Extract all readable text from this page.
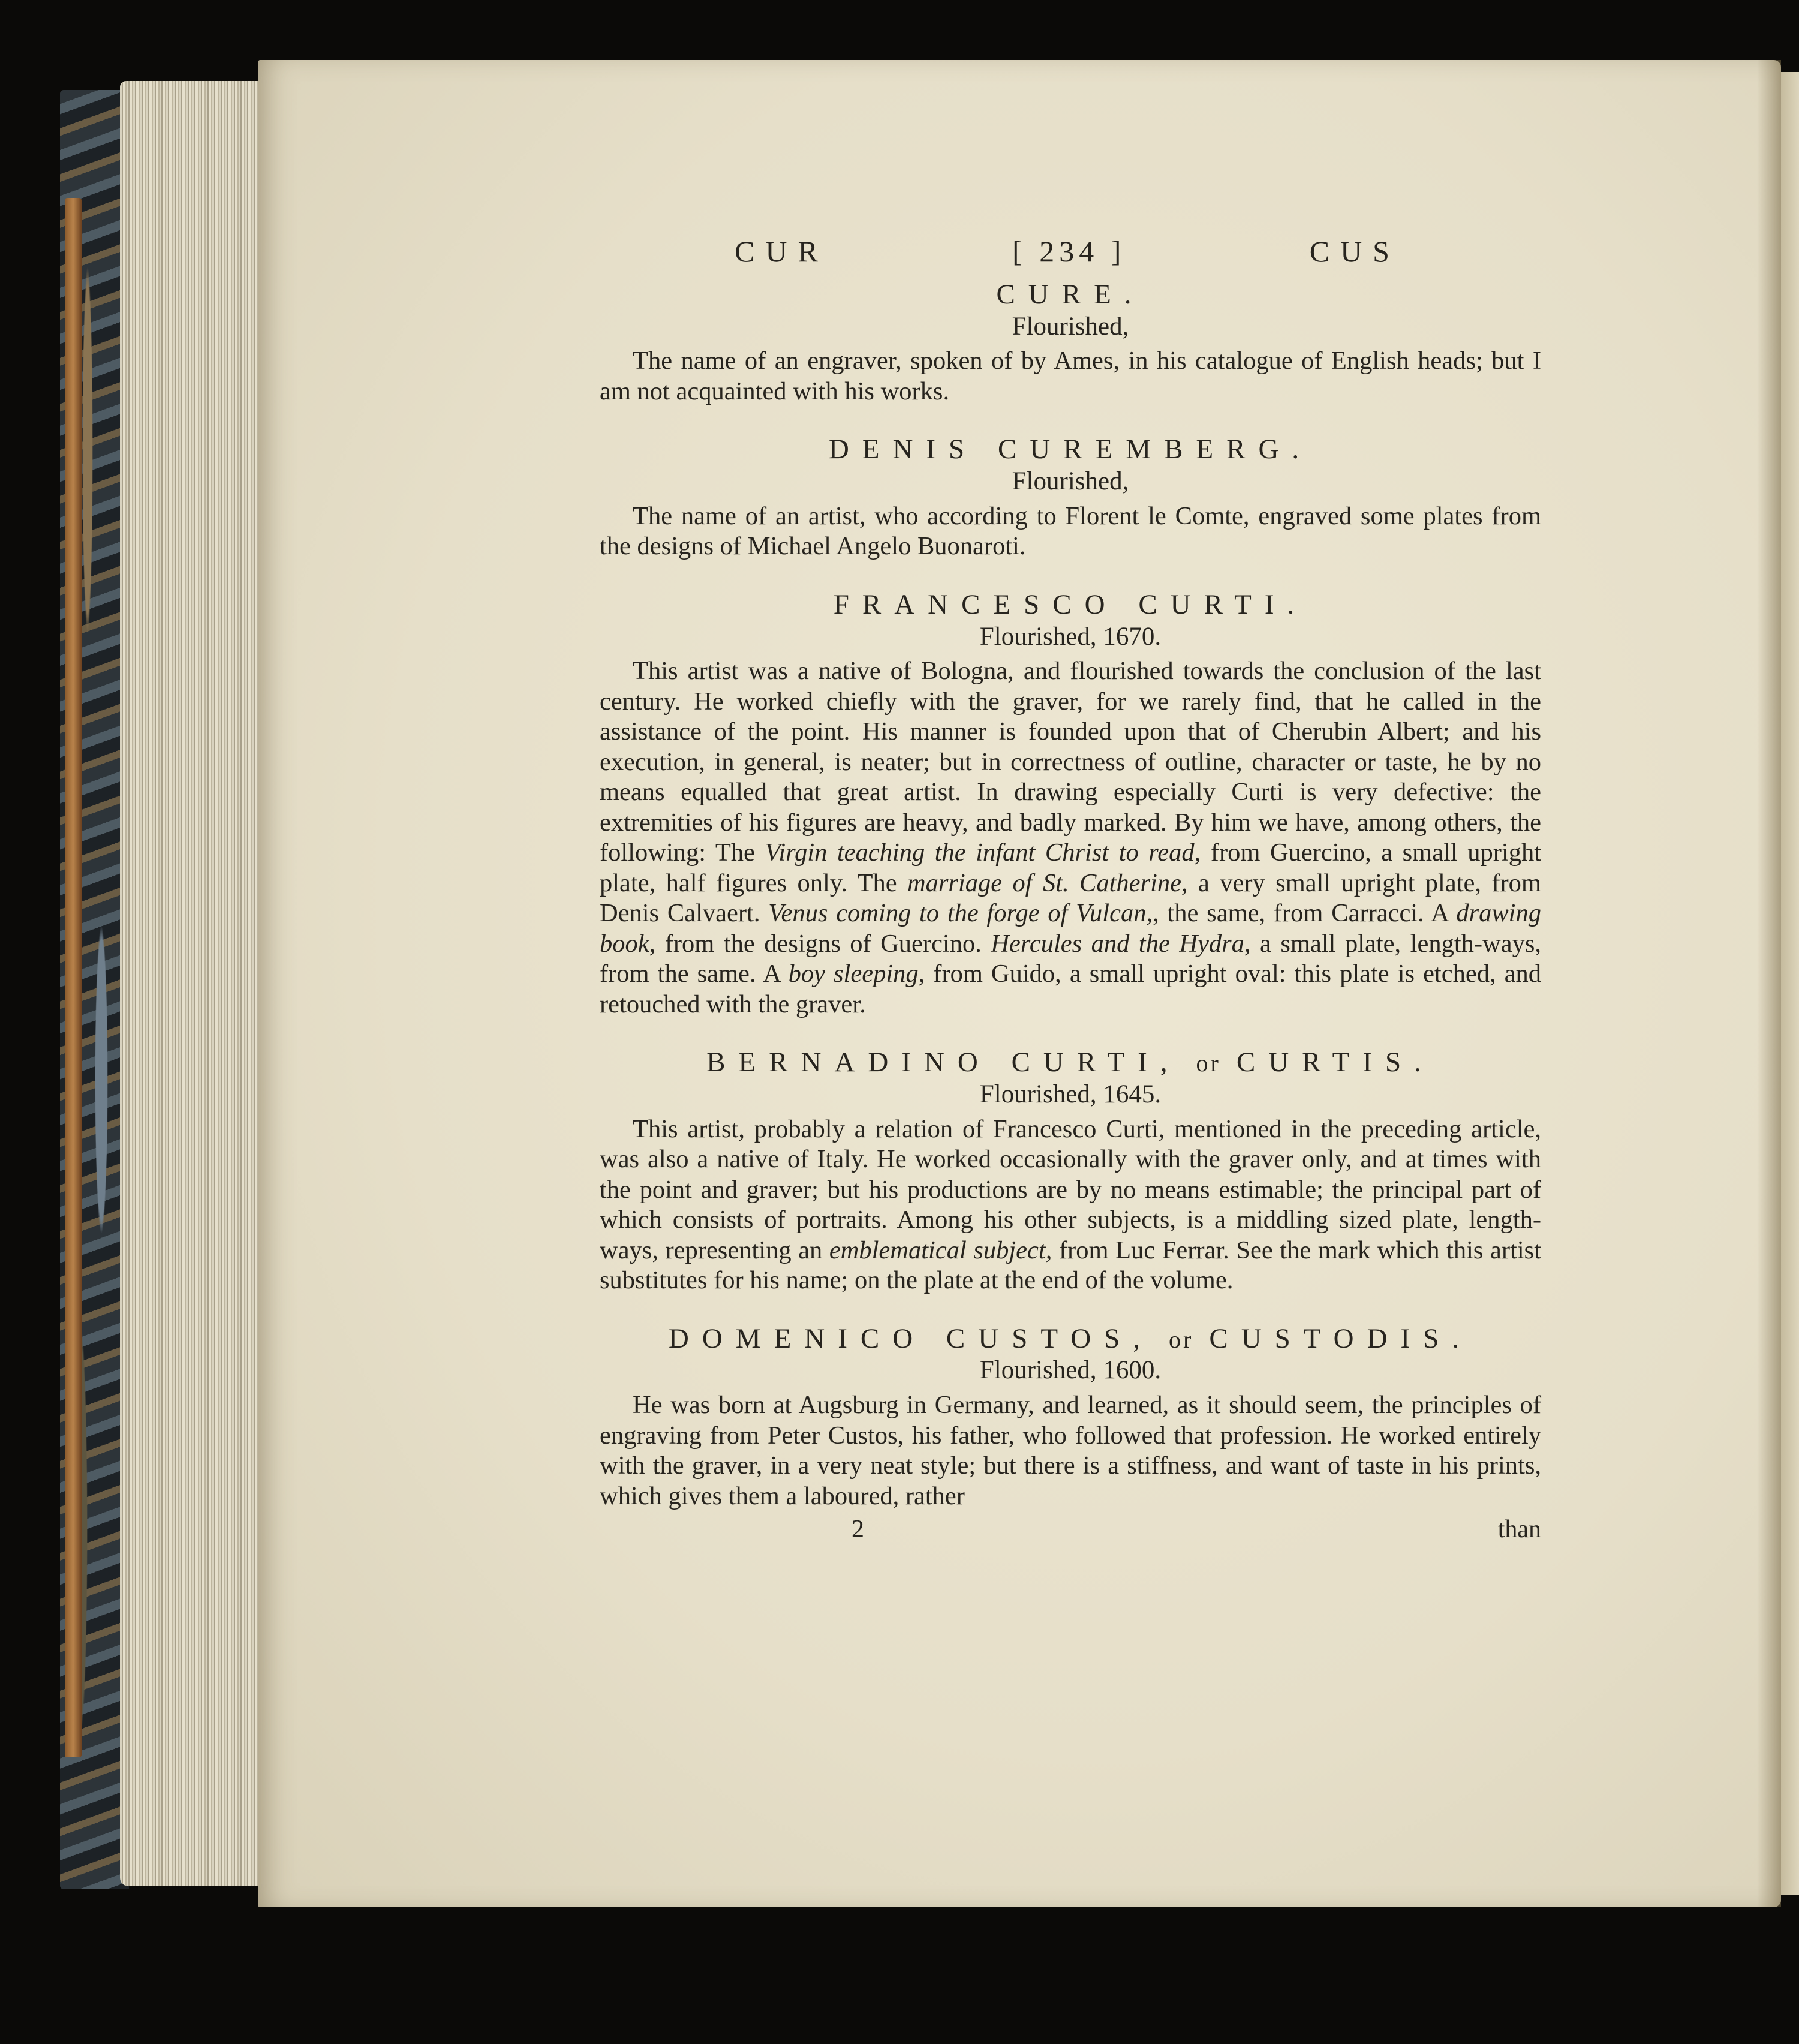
CUR	[ 234 ]	CUS
CURE.
Flourished,

The name of an engraver, spoken of by Ames, in his catalogue of English heads; but I am not acquainted with his works.

DENIS CUREMBERG.
Flourished,

The name of an artist, who according to Florent le Comte, engraved some plates from the designs of Michael Angelo Buonaroti.

FRANCESCO CURTI.
Flourished, 1670.

This artist was a native of Bologna, and flourished towards the conclusion of the last century. He worked chiefly with the graver, for we rarely find, that he called in the assistance of the point. His manner is founded upon that of Cherubin Albert; and his execution, in general, is neater; but in correctness of outline, character or taste, he by no means equalled that great artist. In drawing especially Curti is very defective: the extremities of his figures are heavy, and badly marked. By him we have, among others, the following: The Virgin teaching the infant Christ to read, from Guercino, a small upright plate, half figures only. The marriage of St. Catherine, a very small upright plate, from Denis Calvaert. Venus coming to the forge of Vulcan,, the same, from Carracci. A drawing book, from the designs of Guercino. Hercules and the Hydra, a small plate, length-ways, from the same. A boy sleeping, from Guido, a small upright oval: this plate is etched, and retouched with the graver.

BERNADINO CURTI, or CURTIS.
Flourished, 1645.

This artist, probably a relation of Francesco Curti, mentioned in the preceding article, was also a native of Italy. He worked occasionally with the graver only, and at times with the point and graver; but his productions are by no means estimable; the principal part of which consists of portraits. Among his other subjects, is a middling sized plate, length-ways, representing an emblematical subject, from Luc Ferrar. See the mark which this artist substitutes for his name; on the plate at the end of the volume.

DOMENICO CUSTOS, or CUSTODIS.
Flourished, 1600.

He was born at Augsburg in Germany, and learned, as it should seem, the principles of engraving from Peter Custos, his father, who followed that profession. He worked entirely with the graver, in a very neat style; but there is a stiffness, and want of taste in his prints, which gives them a laboured, rather

2	than
